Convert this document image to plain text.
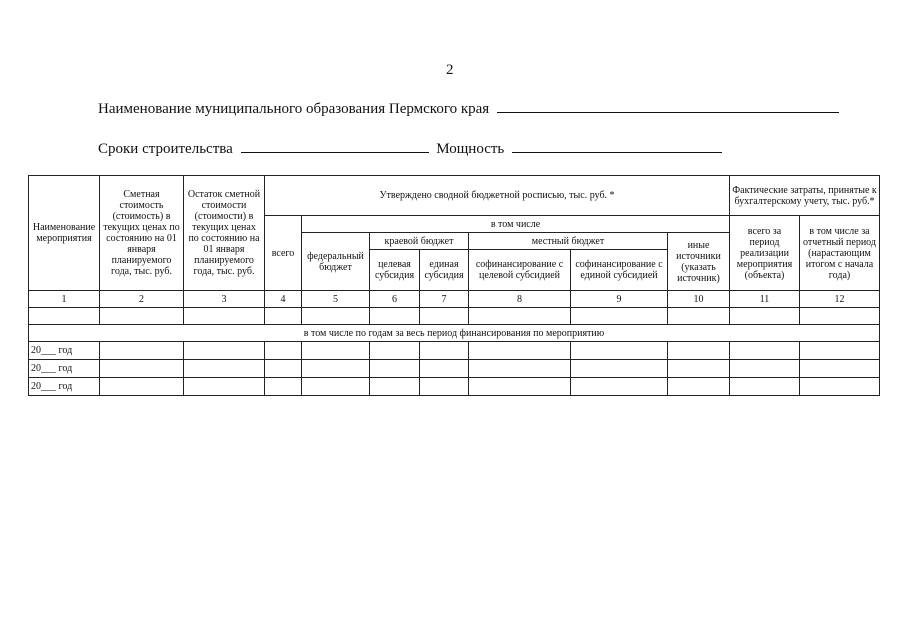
2
Наименование муниципального образования Пермского края
Сроки строительства	Мощность
Наименование мероприятия	Сметная стоимость (стоимость) в текущих ценах по состоянию на 01 января планируемого года, тыс. руб.	Остаток сметной стоимости (стоимости) в текущих ценах по состоянию на 01 января планируемого года, тыс. руб.	Утверждено сводной бюджетной росписью, тыс. руб. *							Фактические затраты, принятые к бухгалтерскому учету, тыс. руб.*	
			всего	в том числе						всего за период реализации мероприятия (объекта)	в том числе за отчетный период (нарастающим итогом с начала года)
				федеральный бюджет	краевой бюджет		местный бюджет		иные источники (указать источник)		
					целевая субсидия	единая субсидия	софинансирование с целевой субсидией	софинансирование с единой субсидией			
1	2	3	4	5	6	7	8	9	10	11	12

в том числе по годам за весь период финансирования по мероприятию											
20___ год											
20___ год											
20___ год											
